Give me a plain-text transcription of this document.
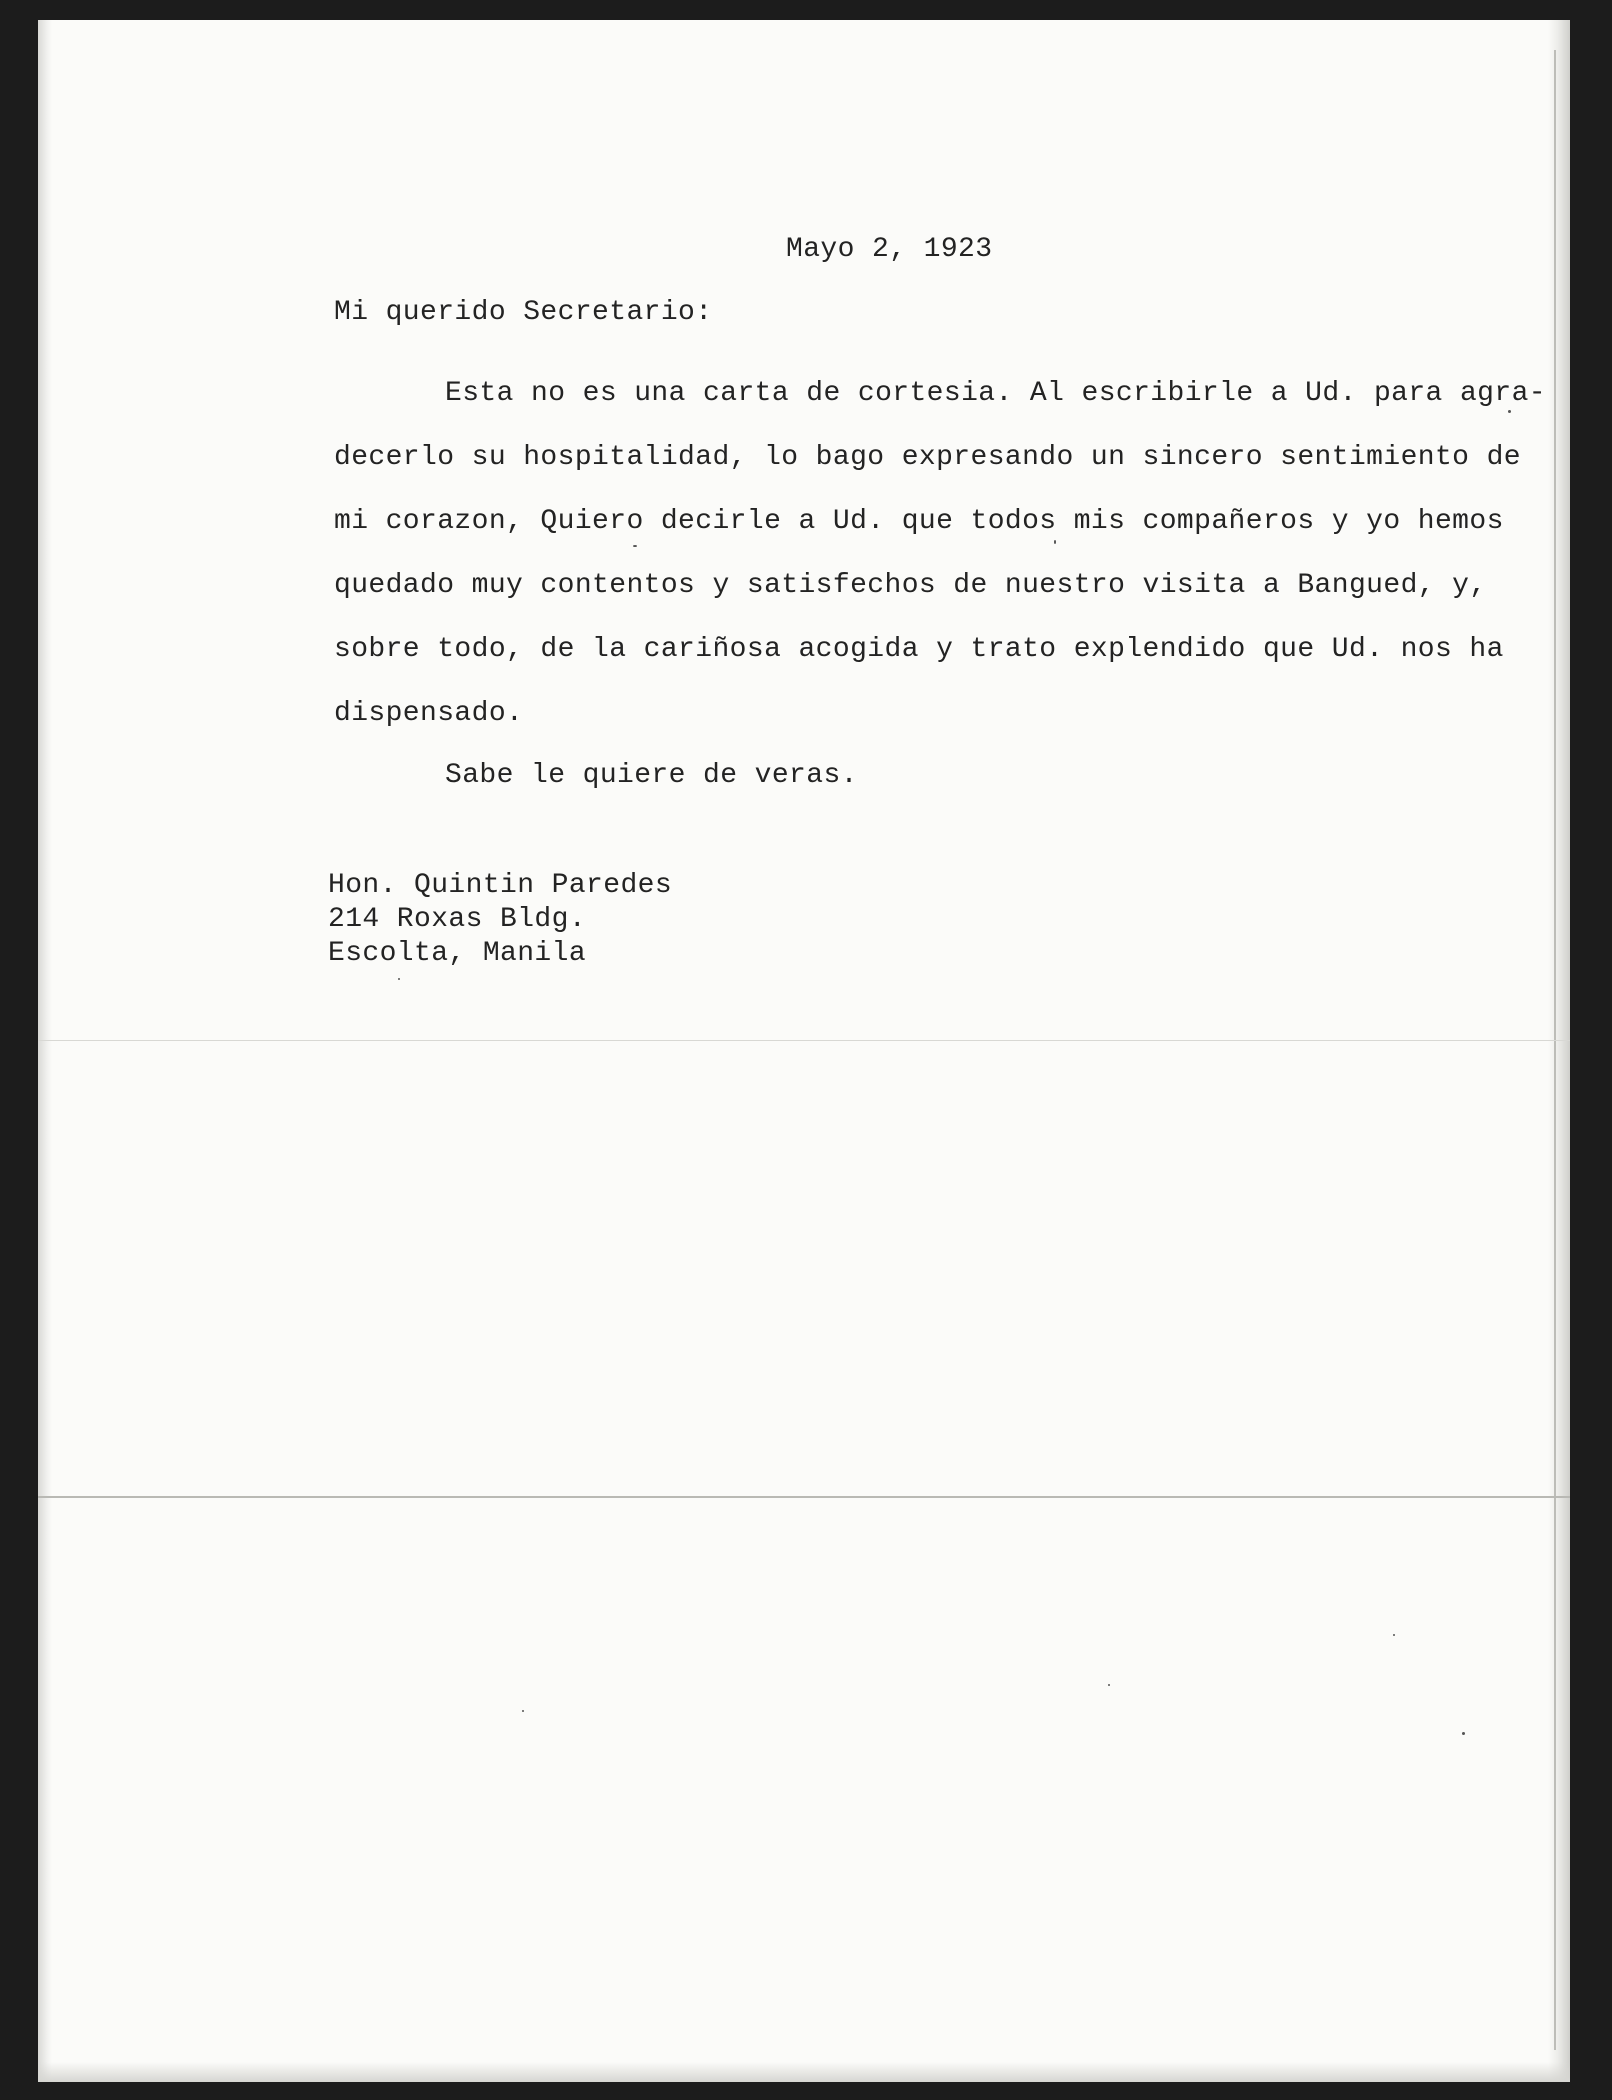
Mayo 2, 1923
Mi querido Secretario:
Esta no es una carta de cortesia. Al escribirle a Ud. para agra-
decerlo su hospitalidad, lo bago expresando un sincero sentimiento de
mi corazon, Quiero decirle a Ud. que todos mis compañeros y yo hemos
quedado muy contentos y satisfechos de nuestro visita a Bangued, y,
sobre todo, de la cariñosa acogida y trato explendido que Ud. nos ha
dispensado.
Sabe le quiere de veras.
Hon. Quintin Paredes
214 Roxas Bldg.
Escolta, Manila
